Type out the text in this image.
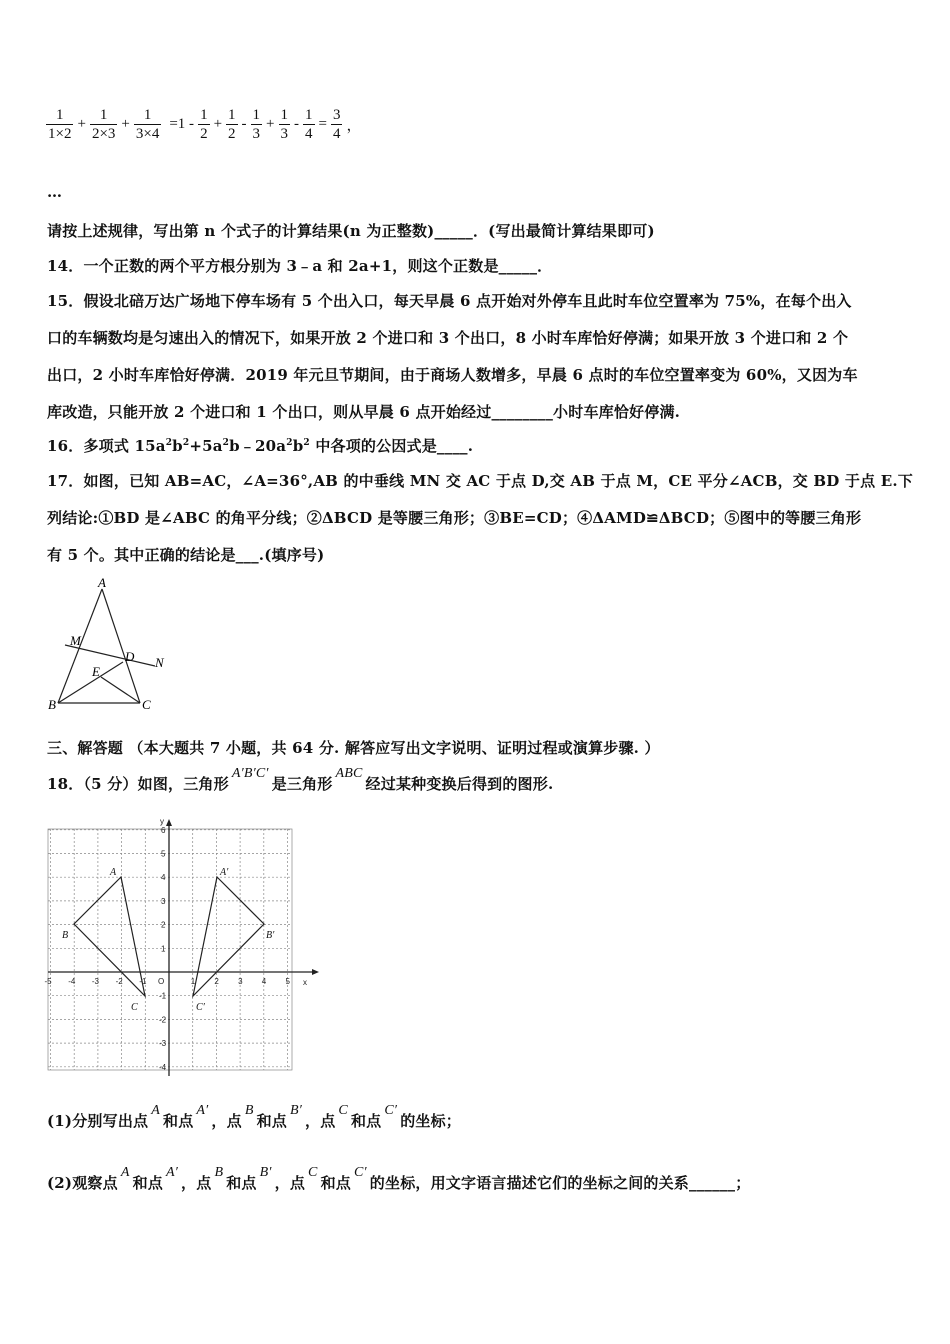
$\frac{1}{1\times 2} + \frac{1}{2\times 3} + \frac{1}{3\times 4} =1 - \frac{1}{2} + \frac{1}{2} - \frac{1}{3} + \frac{1}{3} - \frac{1}{4} = \frac{3}{4}$ ，
…
请按上述规律，写出第 n 个式子的计算结果(n 为正整数)_____．(写出最简计算结果即可)
14．一个正数的两个平方根分别为 3﹣a 和 2a+1，则这个正数是_____．
15．假设北碚万达广场地下停车场有 5 个出入口，每天早晨 6 点开始对外停车且此时车位空置率为 75%，在每个出入
口的车辆数均是匀速出入的情况下，如果开放 2 个进口和 3 个出口，8 小时车库恰好停满；如果开放 3 个进口和 2 个
出口，2 小时车库恰好停满．2019 年元旦节期间，由于商场人数增多，早晨 6 点时的车位空置率变为 60%，又因为车
库改造，只能开放 2 个进口和 1 个出口，则从早晨 6 点开始经过________小时车库恰好停满.
16．多项式 $15a^2b^2+5a^2b﹣20a^2b^2$ 中各项的公因式是____.
17．如图，已知 AB=AC，∠A=36°,AB 的中垂线 MN 交 AC 于点 D,交 AB 于点 M，CE 平分∠ACB，交 BD 于点 E.下
列结论:①BD 是∠ABC 的角平分线；②ΔBCD 是等腰三角形；③BE=CD；④ΔAMD≌ΔBCD；⑤图中的等腰三角形
有 5 个。其中正确的结论是___.(填序号)
A
M
D N
E
B	C
三、解答题 （本大题共 7 小题，共 64 分. 解答应写出文字说明、证明过程或演算步骤. ）
18．（5 分）如图，三角形A′B′C′是三角形ABC经过某种变换后得到的图形.
x
y
O
-5 -4 -3 -2 -1	1 2 3 4 5
6
5
4
3
2
1
-1
-2
-3
-4
A
B
C
A′
B′
C′
(1)分别写出点A和点A′，点B和点B′，点C和点C′的坐标；
(2)观察点A和点A′，点B和点B′，点C和点C′的坐标，用文字语言描述它们的坐标之间的关系______；
